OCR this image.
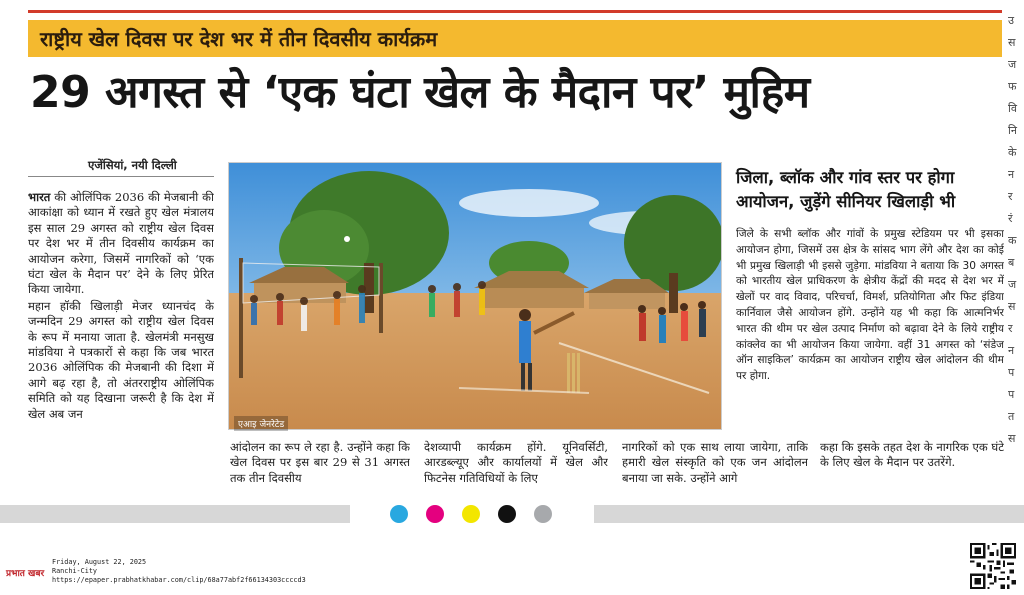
राष्ट्रीय खेल दिवस पर देश भर में तीन दिवसीय कार्यक्रम
29 अगस्त से ‘एक घंटा खेल के मैदान पर’ मुहिम
एजेंसियां, नयी दिल्ली

भारत की ओलिंपिक 2036 की मेजबानी की आकांक्षा को ध्यान में रखते हुए खेल मंत्रालय इस साल 29 अगस्त को राष्ट्रीय खेल दिवस पर देश भर में तीन दिवसीय कार्यक्रम का आयोजन करेगा, जिसमें नागरिकों को ‘एक घंटा खेल के मैदान पर’ देने के लिए प्रेरित किया जायेगा.

महान हॉकी खिलाड़ी मेजर ध्यानचंद के जन्मदिन 29 अगस्त को राष्ट्रीय खेल दिवस के रूप में मनाया जाता है. खेलमंत्री मनसुख मांडविया ने पत्रकारों से कहा कि जब भारत 2036 ओलिंपिक की मेजबानी की दिशा में आगे बढ़ रहा है, तो अंतरराष्ट्रीय ओलिंपिक समिति को यह दिखाना जरूरी है कि देश में खेल अब जन

एआइ जेनरेटेड
जिला, ब्लॉक और गांव स्तर पर होगा आयोजन, जुड़ेंगे सीनियर खिलाड़ी भी
जिले के सभी ब्लॉक और गांवों के प्रमुख स्टेडियम पर भी इसका आयोजन होगा, जिसमें उस क्षेत्र के सांसद भाग लेंगे और देश का कोई भी प्रमुख खिलाड़ी भी इससे जुड़ेगा. मांडविया ने बताया कि 30 अगस्त को भारतीय खेल प्राधिकरण के क्षेत्रीय केंद्रों की मदद से देश भर में खेलों पर वाद विवाद, परिचर्चा, विमर्श, प्रतियोगिता और फिट इंडिया कार्निवाल जैसे आयोजन होंगे. उन्होंने यह भी कहा कि आत्मनिर्भर भारत की थीम पर खेल उत्पाद निर्माण को बढ़ावा देने के लिये राष्ट्रीय कांक्लेव का भी आयोजन किया जायेगा. वहीं 31 अगस्त को ‘संडेज ऑन साइकिल’ कार्यक्रम का आयोजन राष्ट्रीय खेल आंदोलन की थीम पर होगा.
आंदोलन का रूप ले रहा है. उन्होंने कहा कि खेल दिवस पर इस बार 29 से 31 अगस्त तक तीन दिवसीय
देशव्यापी कार्यक्रम होंगे. यूनिवर्सिटी, आरडब्ल्यूए और कार्यालयों में खेल और फिटनेस गतिविधियों के लिए
नागरिकों को एक साथ लाया जायेगा, ताकि हमारी खेल संस्कृति को एक जन आंदोलन बनाया जा सके. उन्होंने आगे
कहा कि इसके तहत देश के नागरिक एक घंटे के लिए खेल के मैदान पर उतरेंगे.
उ
स
ज
फ
वि
नि
के
न
र
रं
क
ब
ज
स
र
न
प
प
त
स
प्रभात खबर
Friday, August 22, 2025
Ranchi-City
https://epaper.prabhatkhabar.com/clip/68a77abf2f66134303ccccd3
